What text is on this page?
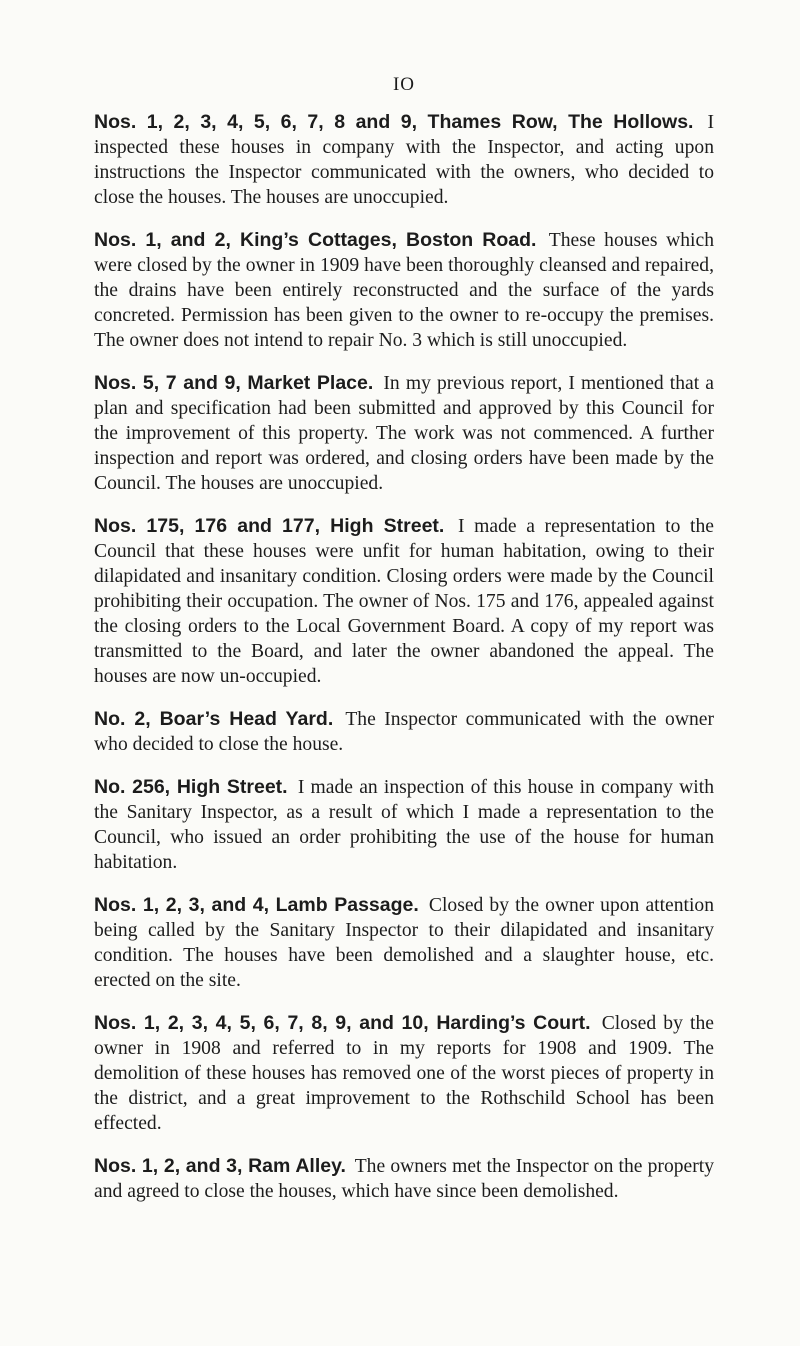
IO

Nos. 1, 2, 3, 4, 5, 6, 7, 8 and 9, Thames Row, The Hollows. I inspected these houses in company with the Inspector, and acting upon instructions the Inspector communicated with the owners, who decided to close the houses. The houses are unoccupied.

Nos. 1, and 2, King’s Cottages, Boston Road. These houses which were closed by the owner in 1909 have been thoroughly cleansed and repaired, the drains have been entirely reconstructed and the surface of the yards concreted. Permission has been given to the owner to re-occupy the premises. The owner does not intend to repair No. 3 which is still unoccupied.

Nos. 5, 7 and 9, Market Place. In my previous report, I mentioned that a plan and specification had been submitted and approved by this Council for the improvement of this property. The work was not commenced. A further inspection and report was ordered, and closing orders have been made by the Council. The houses are unoccupied.

Nos. 175, 176 and 177, High Street. I made a representation to the Council that these houses were unfit for human habitation, owing to their dilapidated and insanitary condition. Closing orders were made by the Council prohibiting their occupation. The owner of Nos. 175 and 176, appealed against the closing orders to the Local Government Board. A copy of my report was transmitted to the Board, and later the owner abandoned the appeal. The houses are now un-occupied.

No. 2, Boar’s Head Yard. The Inspector communicated with the owner who decided to close the house.

No. 256, High Street. I made an inspection of this house in company with the Sanitary Inspector, as a result of which I made a representation to the Council, who issued an order prohibiting the use of the house for human habitation.

Nos. 1, 2, 3, and 4, Lamb Passage. Closed by the owner upon attention being called by the Sanitary Inspector to their dilapidated and insanitary condition. The houses have been demolished and a slaughter house, etc. erected on the site.

Nos. 1, 2, 3, 4, 5, 6, 7, 8, 9, and 10, Harding’s Court. Closed by the owner in 1908 and referred to in my reports for 1908 and 1909. The demolition of these houses has removed one of the worst pieces of property in the district, and a great improvement to the Rothschild School has been effected.

Nos. 1, 2, and 3, Ram Alley. The owners met the Inspector on the property and agreed to close the houses, which have since been demolished.
